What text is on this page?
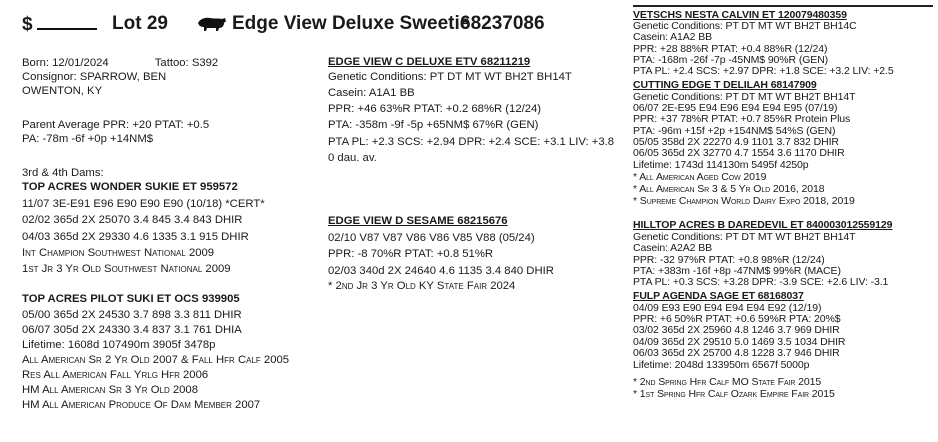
$	Lot 29	Edge View Deluxe Sweetie
68237086
Born: 12/01/2024	Tattoo: S392
Consignor: SPARROW, BEN
OWENTON, KY
Parent Average PPR: +20 PTAT: +0.5
PA: -78m -6f +0p +14NM$
3rd & 4th Dams:
TOP ACRES WONDER SUKIE ET 959572
11/07 3E-E91 E96 E90 E90 E90 (10/18) *CERT*
02/02 365d 2X 25070 3.4 845 3.4 843 DHIR
04/03 365d 2X 29330 4.6 1335 3.1 915 DHIR
Int Champion Southwest National 2009
1st Jr 3 Yr Old Southwest National 2009
TOP ACRES PILOT SUKI ET OCS 939905
05/00 365d 2X 24530 3.7 898 3.3 811 DHIR
06/07 305d 2X 24330 3.4 837 3.1 761 DHIA
Lifetime: 1608d 107490m 3905f 3478p
All American Sr 2 Yr Old 2007 & Fall Hfr Calf 2005
Res All American Fall Yrlg Hfr 2006
HM All American Sr 3 Yr Old 2008
HM All American Produce Of Dam Member 2007
EDGE VIEW C DELUXE ETV 68211219
Genetic Conditions: PT DT MT WT BH2T BH14T
Casein: A1A1 BB
PPR: +46 63%R PTAT: +0.2 68%R (12/24)
PTA: -358m -9f -5p +65NM$ 67%R (GEN)
PTA PL: +2.3 SCS: +2.94 DPR: +2.4 SCE: +3.1 LIV: +3.8
0 dau. av.
EDGE VIEW D SESAME 68215676
02/10 V87 V87 V86 V86 V85 V88 (05/24)
PPR: -8 70%R PTAT: +0.8 51%R
02/03 340d 2X 24640 4.6 1135 3.4 840 DHIR
* 2nd Jr 3 Yr Old KY State Fair 2024
VETSCHS NESTA CALVIN ET 120079480359
Genetic Conditions: PT DT MT WT BH2T BH14C
Casein: A1A2 BB
PPR: +28 88%R PTAT: +0.4 88%R (12/24)
PTA: -168m -26f -7p -45NM$ 90%R (GEN)
PTA PL: +2.4 SCS: +2.97 DPR: +1.8 SCE: +3.2 LIV: +2.5
CUTTING EDGE T DELILAH 68147909
Genetic Conditions: PT DT MT WT BH2T BH14T
06/07 2E-E95 E94 E96 E94 E94 E95 (07/19)
PPR: +37 78%R PTAT: +0.7 85%R Protein Plus
PTA: -96m +15f +2p +154NM$ 54%S (GEN)
05/05 358d 2X 22270 4.9 1101 3.7 832 DHIR
06/05 365d 2X 32770 4.7 1554 3.6 1170 DHIR
Lifetime: 1743d 114130m 5495f 4250p
* All American Aged Cow 2019
* All American Sr 3 & 5 Yr Old 2016, 2018
* Supreme Champion World Dairy Expo 2018, 2019
HILLTOP ACRES B DAREDEVIL ET 840003012559129
Genetic Conditions: PT DT MT WT BH2T BH14T
Casein: A2A2 BB
PPR: -32 97%R PTAT: +0.8 98%R (12/24)
PTA: +383m -16f +8p -47NM$ 99%R (MACE)
PTA PL: +0.3 SCS: +3.28 DPR: -3.9 SCE: +2.6 LIV: -3.1
FULP AGENDA SAGE ET 68168037
04/09 E93 E90 E94 E94 E94 E92 (12/19)
PPR: +6 50%R PTAT: +0.6 59%R PTA: 20%$
03/02 365d 2X 25960 4.8 1246 3.7 969 DHIR
04/09 365d 2X 29510 5.0 1469 3.5 1034 DHIR
06/03 365d 2X 25700 4.8 1228 3.7 946 DHIR
Lifetime: 2048d 133950m 6567f 5000p
* 2nd Spring Hfr Calf MO State Fair 2015
* 1st Spring Hfr Calf Ozark Empire Fair 2015
